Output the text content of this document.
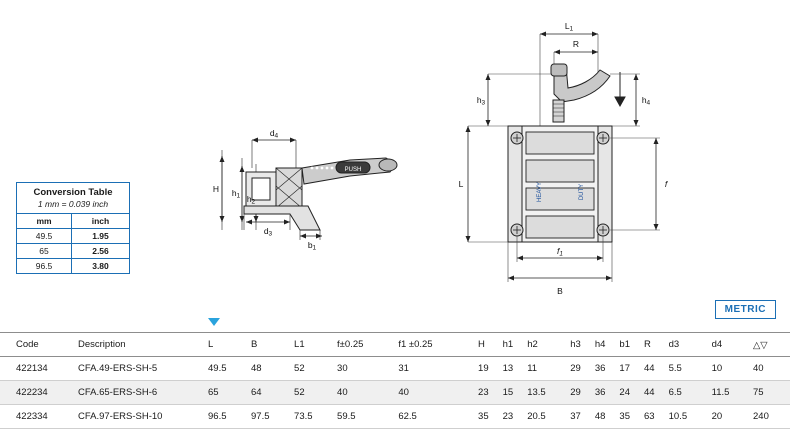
Conversion Table
1 mm = 0.039 inch
mm	inch
49.5	1.95
65	2.56
96.5	3.80
d4
H h1 h2
d3
b1
PUSH
L1
R
h3	h4
L	f
f1
B
HEAVY	DUTY
METRIC
Code	Description	L	B	L1	f±0.25	f1 ±0.25	H	h1	h2	h3	h4	b1	R	d3	d4	△▽
422134	CFA.49-ERS-SH-5	49.5	48	52	30	31	19	13	11	29	36	17	44	5.5	10	40
422234	CFA.65-ERS-SH-6	65	64	52	40	40	23	15	13.5	29	36	24	44	6.5	11.5	75
422334	CFA.97-ERS-SH-10	96.5	97.5	73.5	59.5	62.5	35	23	20.5	37	48	35	63	10.5	20	240
